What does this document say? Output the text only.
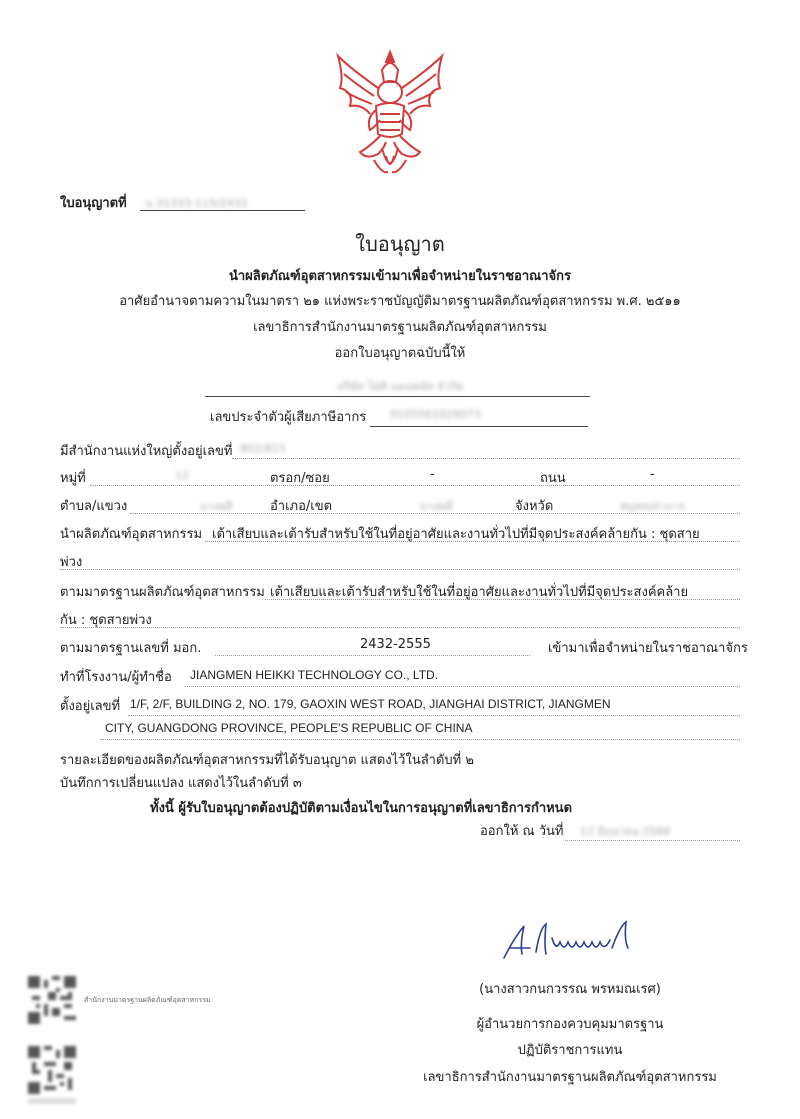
ใบอนุญาตที่ น 31333-115/2432
ใบอนุญาต
นำผลิตภัณฑ์อุตสาหกรรมเข้ามาเพื่อจำหน่ายในราชอาณาจักร
อาศัยอำนาจตามความในมาตรา ๒๑ แห่งพระราชบัญญัติมาตรฐานผลิตภัณฑ์อุตสาหกรรม พ.ศ. ๒๕๑๑
เลขาธิการสำนักงานมาตรฐานผลิตภัณฑ์อุตสาหกรรม
ออกใบอนุญาตฉบับนี้ให้
บริษัท ไฮคิ แมนพลัส จำกัด
เลขประจำตัวผู้เสียภาษีอากร 0105561029073
มีสำนักงานแห่งใหญ่ตั้งอยู่เลขที่ 802/815
หมู่ที่	12	ตรอก/ซอย	-	ถนน	-
ตำบล/แขวง	บางพลี	อำเภอ/เขต	บางพลี	จังหวัด	สมุทรปราการ
นำผลิตภัณฑ์อุตสาหกรรม เต้าเสียบและเต้ารับสำหรับใช้ในที่อยู่อาศัยและงานทั่วไปที่มีจุดประสงค์คล้ายกัน : ชุดสาย
พ่วง
ตามมาตรฐานผลิตภัณฑ์อุตสาหกรรม เต้าเสียบและเต้ารับสำหรับใช้ในที่อยู่อาศัยและงานทั่วไปที่มีจุดประสงค์คล้าย
กัน : ชุดสายพ่วง
ตามมาตรฐานเลขที่ มอก.	2432-2555	เข้ามาเพื่อจำหน่ายในราชอาณาจักร
ทำที่โรงงาน/ผู้ทำชื่อ JIANGMEN HEIKKI TECHNOLOGY CO., LTD.
ตั้งอยู่เลขที่ 1/F, 2/F, BUILDING 2, NO. 179, GAOXIN WEST ROAD, JIANGHAI DISTRICT, JIANGMEN
CITY, GUANGDONG PROVINCE, PEOPLE'S REPUBLIC OF CHINA
รายละเอียดของผลิตภัณฑ์อุตสาหกรรมที่ได้รับอนุญาต แสดงไว้ในลำดับที่ ๒
บันทึกการเปลี่ยนแปลง แสดงไว้ในลำดับที่ ๓
ทั้งนี้ ผู้รับใบอนุญาตต้องปฏิบัติตามเงื่อนไขในการอนุญาตที่เลขาธิการกำหนด
ออกให้ ณ วันที่ 12 มิถุนายน 2566
(นางสาวกนกวรรณ พรหมณเรศ)
ผู้อำนวยการกองควบคุมมาตรฐาน
ปฏิบัติราชการแทน
เลขาธิการสำนักงานมาตรฐานผลิตภัณฑ์อุตสาหกรรม
สำนักงานมาตรฐานผลิตภัณฑ์อุตสาหกรรม
